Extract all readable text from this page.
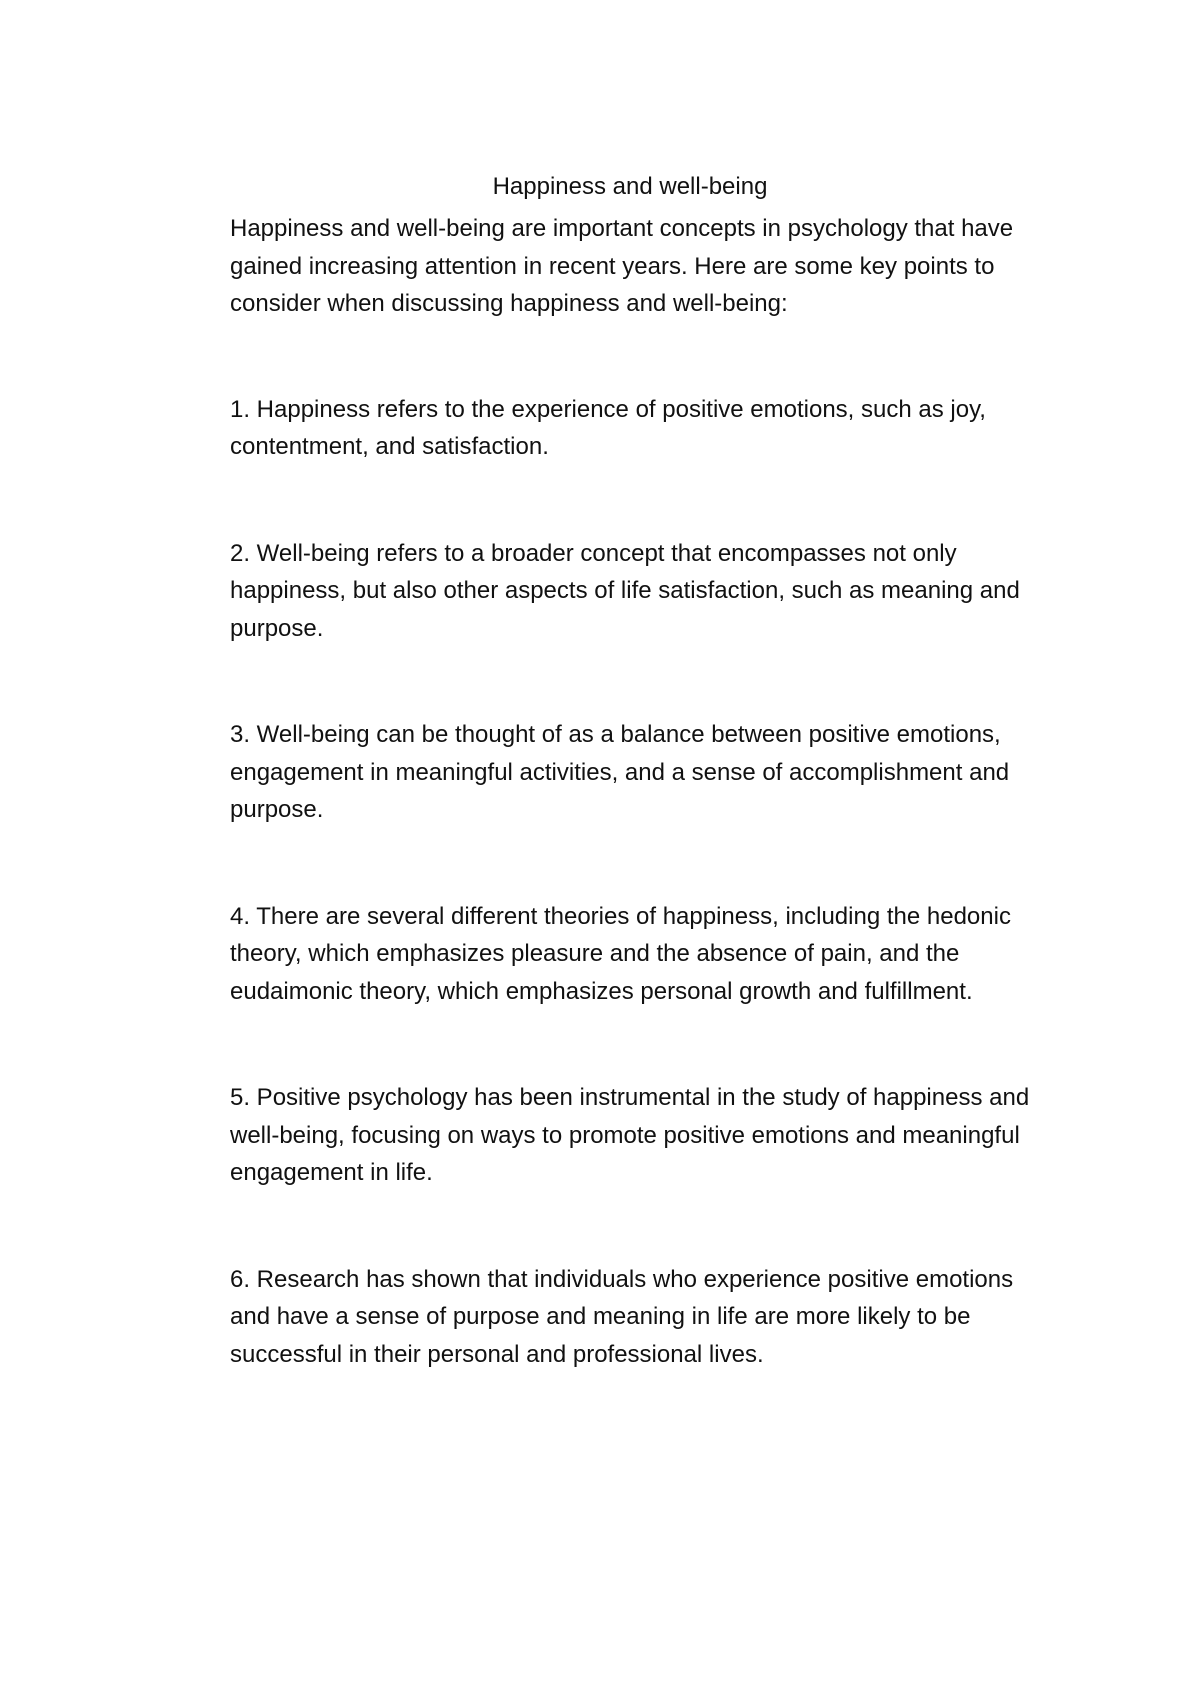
Happiness and well-being

Happiness and well-being are important concepts in psychology that have gained increasing attention in recent years. Here are some key points to consider when discussing happiness and well-being:

1. Happiness refers to the experience of positive emotions, such as joy, contentment, and satisfaction.

2. Well-being refers to a broader concept that encompasses not only happiness, but also other aspects of life satisfaction, such as meaning and purpose.

3. Well-being can be thought of as a balance between positive emotions, engagement in meaningful activities, and a sense of accomplishment and purpose.

4. There are several different theories of happiness, including the hedonic theory, which emphasizes pleasure and the absence of pain, and the eudaimonic theory, which emphasizes personal growth and fulfillment.

5. Positive psychology has been instrumental in the study of happiness and well-being, focusing on ways to promote positive emotions and meaningful engagement in life.

6. Research has shown that individuals who experience positive emotions and have a sense of purpose and meaning in life are more likely to be successful in their personal and professional lives.
